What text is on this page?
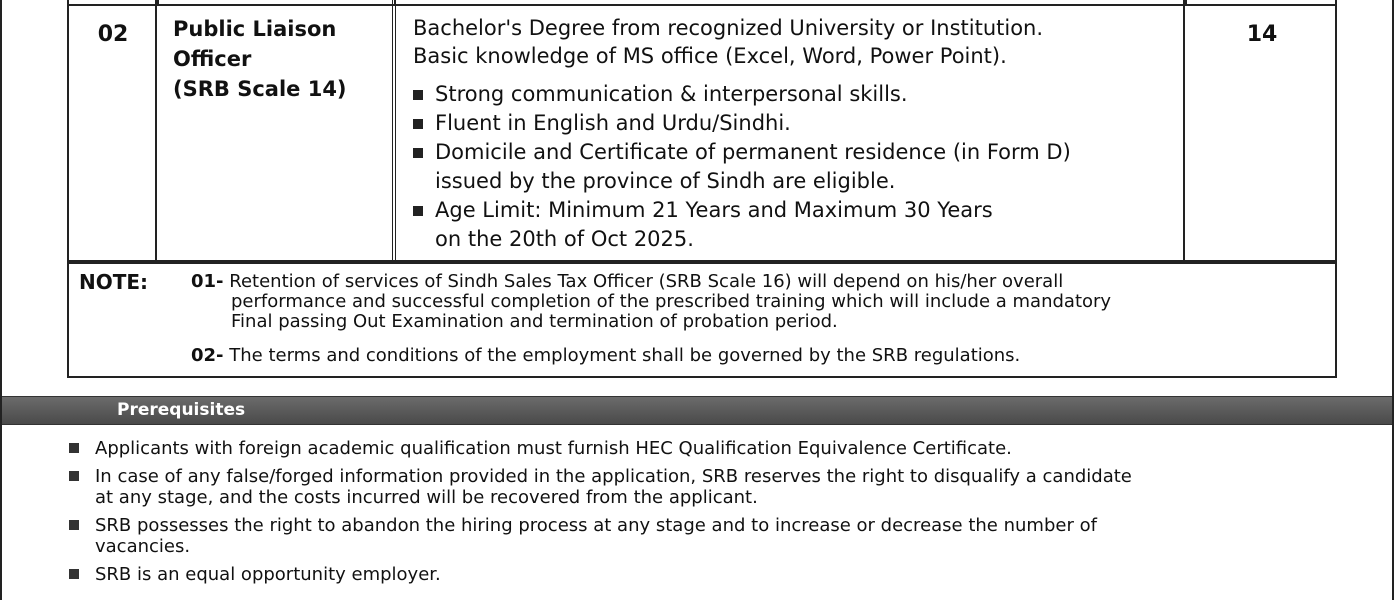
02	Public Liaison
Officer
(SRB Scale 14)
Bachelor's Degree from recognized University or Institution.
Basic knowledge of MS office (Excel, Word, Power Point).
Strong communication & interpersonal skills.
Fluent in English and Urdu/Sindhi.
Domicile and Certificate of permanent residence (in Form D)
issued by the province of Sindh are eligible.
Age Limit: Minimum 21 Years and Maximum 30 Years
on the 20th of Oct 2025.
14
NOTE: 01- Retention of services of Sindh Sales Tax Officer (SRB Scale 16) will depend on his/her overall
performance and successful completion of the prescribed training which will include a mandatory
Final passing Out Examination and termination of probation period.
02- The terms and conditions of the employment shall be governed by the SRB regulations.
Prerequisites
Applicants with foreign academic qualification must furnish HEC Qualification Equivalence Certificate.
In case of any false/forged information provided in the application, SRB reserves the right to disqualify a candidate
at any stage, and the costs incurred will be recovered from the applicant.
SRB possesses the right to abandon the hiring process at any stage and to increase or decrease the number of
vacancies.
SRB is an equal opportunity employer.
